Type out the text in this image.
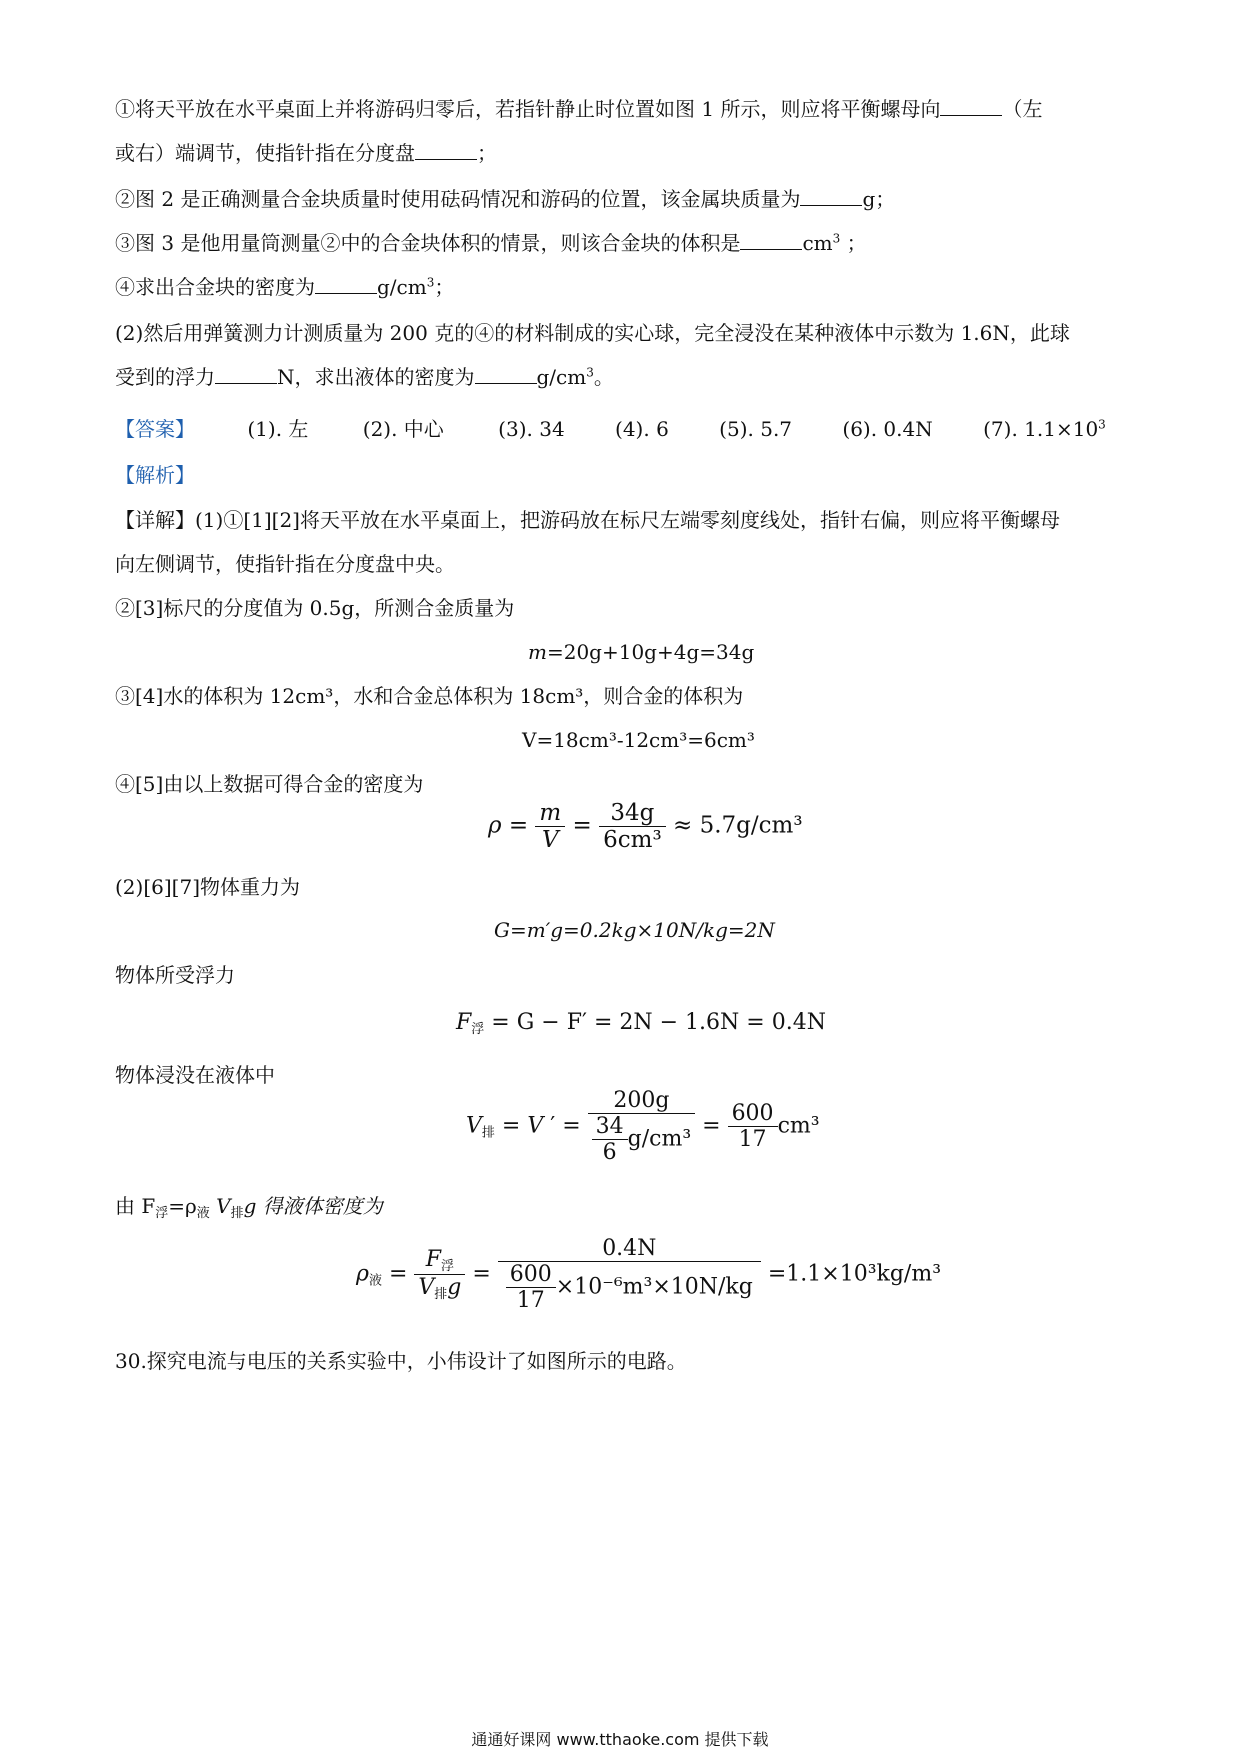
①将天平放在水平桌面上并将游码归零后，若指针静止时位置如图 1 所示，则应将平衡螺母向	（左
或右）端调节，使指针指在分度盘	；
②图 2 是正确测量合金块质量时使用砝码情况和游码的位置，该金属块质量为	g；
③图 3 是他用量筒测量②中的合金块体积的情景，则该合金块的体积是	$cm^3$ ；
④求出合金块的密度为	$g/cm^3$；
(2)然后用弹簧测力计测质量为 200 克的④的材料制成的实心球，完全浸没在某种液体中示数为 1.6N，此球
受到的浮力	N，求出液体的密度为	$g/cm^3$。
【答案】	(1). 左	(2). 中心	(3). 34	(4). 6	(5). 5.7	(6). 0.4N	(7). $1.1\times 10^3$
【解析】
【详解】(1)①[1][2]将天平放在水平桌面上，把游码放在标尺左端零刻度线处，指针右偏，则应将平衡螺母
向左侧调节，使指针指在分度盘中央。
②[3]标尺的分度值为 0.5g，所测合金质量为
m=20g+10g+4g=34g
③[4]水的体积为 12cm³，水和合金总体积为 18cm³，则合金的体积为
V=18cm³-12cm³=6cm³
④[5]由以上数据可得合金的密度为
$\rho = \frac{m}{V} = \frac{34g}{\text{6cm³}} \approx 5.7g/cm^3$
(2)[6][7]物体重力为
G=m′g=0.2kg×10N/kg=2N
物体所受浮力
$F_浮 = G - F' = 2N - 1.6N = 0.4N$
物体浸没在液体中
$V_排 = V$ ′ = $\frac{200g}{\frac{34}{6} g/cm^3} = \frac{600}{17} cm^3$
由 $F_浮=\rho_液$ $V_排g$ 得液体密度为
$\rho_液 = \frac{F_浮}{V_排g} = \frac{0.4N}{\frac{600}{17} \times 10^{-6}m^3\times 10N/kg} =1.1\times 10^3kg/m^3$
30.探究电流与电压的关系实验中，小伟设计了如图所示的电路。
通通好课网 www.tthaoke.com 提供下载
